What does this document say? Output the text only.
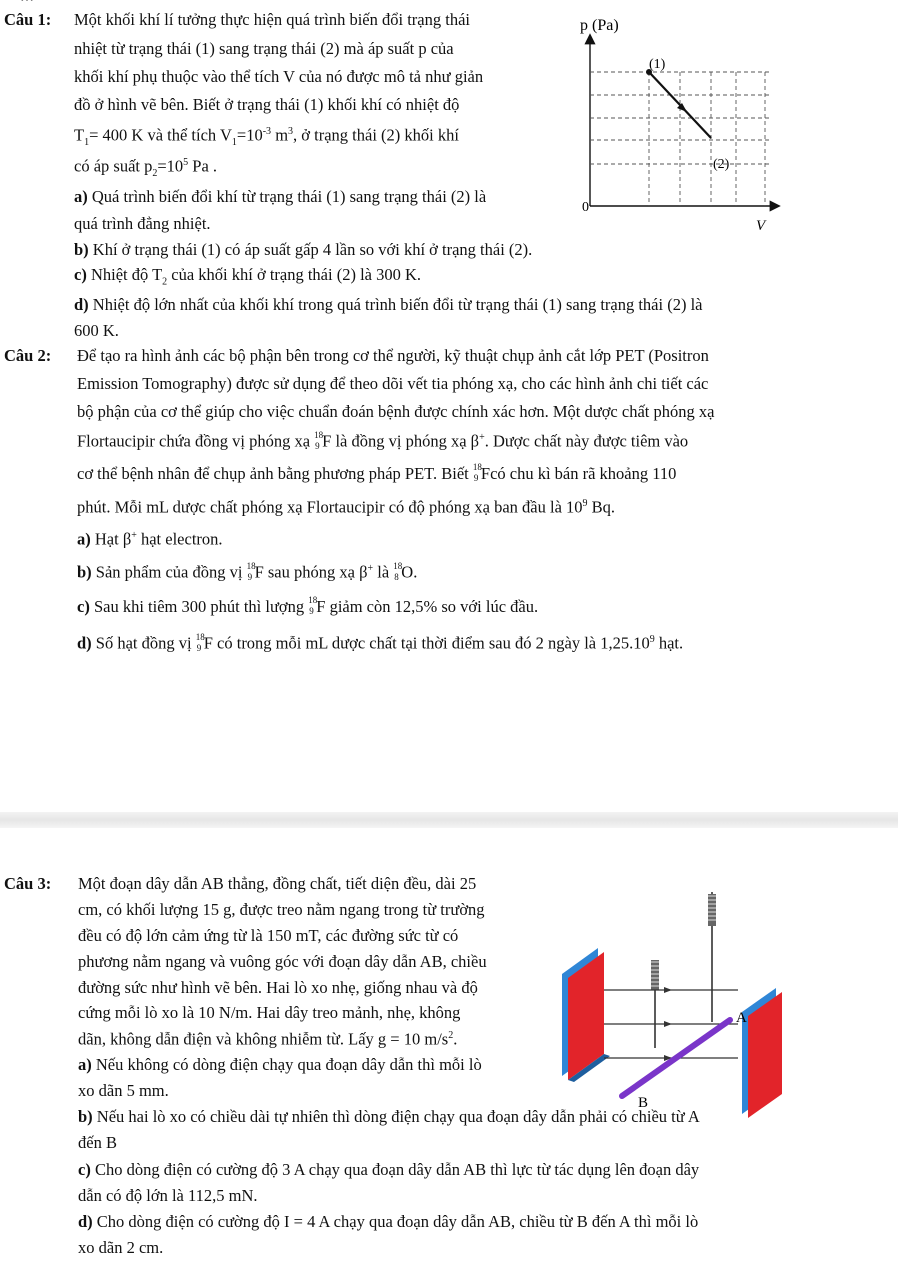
Câu 1: Một khối khí lí tưởng thực hiện quá trình biến đổi trạng thái
nhiệt từ trạng thái (1) sang trạng thái (2) mà áp suất p của
khối khí phụ thuộc vào thể tích V của nó được mô tả như giản
đồ ở hình vẽ bên. Biết ở trạng thái (1) khối khí có nhiệt độ
$T_1= 400$ K và thể tích $V_1=10^{-3}$ $m^3$, ở trạng thái (2) khối khí
có áp suất $p_2=10^5$ Pa .
a) Quá trình biến đổi khí từ trạng thái (1) sang trạng thái (2) là
quá trình đẳng nhiệt.
b) Khí ở trạng thái (1) có áp suất gấp 4 lần so với khí ở trạng thái (2).
c) Nhiệt độ $T_2$ của khối khí ở trạng thái (2) là 300 K.
d) Nhiệt độ lớn nhất của khối khí trong quá trình biến đổi từ trạng thái (1) sang trạng thái (2) là
600 K.
p (Pa)
V
0
(1)
(2)
Câu 2: Để tạo ra hình ảnh các bộ phận bên trong cơ thể người, kỹ thuật chụp ảnh cắt lớp PET (Positron
Emission Tomography) được sử dụng để theo dõi vết tia phóng xạ, cho các hình ảnh chi tiết các
bộ phận của cơ thể giúp cho việc chuẩn đoán bệnh được chính xác hơn. Một dược chất phóng xạ
Flortaucipir chứa đồng vị phóng xạ 18
9 F là đồng vị phóng xạ β+. Dược chất này được tiêm vào
cơ thể bệnh nhân để chụp ảnh bằng phương pháp PET. Biết 18
9 Fcó chu kì bán rã khoảng 110
phút. Mỗi mL dược chất phóng xạ Flortaucipir có độ phóng xạ ban đầu là $10^9$ Bq.
a) Hạt β+ hạt electron.
b) Sản phẩm của đồng vị 18
9 F sau phóng xạ β+ là 18
8 O.
c) Sau khi tiêm 300 phút thì lượng 18
9 F giảm còn 12,5% so với lúc đầu.
d) Số hạt đồng vị 18
9 F có trong mỗi mL dược chất tại thời điểm sau đó 2 ngày là 1,25.10$^9$ hạt.
Câu 3: Một đoạn dây dẫn AB thẳng, đồng chất, tiết diện đều, dài 25
cm, có khối lượng 15 g, được treo nằm ngang trong từ trường
đều có độ lớn cảm ứng từ là 150 mT, các đường sức từ có
phương nằm ngang và vuông góc với đoạn dây dẫn AB, chiều
đường sức như hình vẽ bên. Hai lò xo nhẹ, giống nhau và độ
cứng mỗi lò xo là 10 N/m. Hai dây treo mảnh, nhẹ, không
dãn, không dẫn điện và không nhiễm từ. Lấy g = 10 $m/s^2$.
a) Nếu không có dòng điện chạy qua đoạn dây dẫn thì mỗi lò
xo dãn 5 mm.
b) Nếu hai lò xo có chiều dài tự nhiên thì dòng điện chạy qua đoạn dây dẫn phải có chiều từ A
đến B
c) Cho dòng điện có cường độ 3 A chạy qua đoạn dây dẫn AB thì lực từ tác dụng lên đoạn dây
dẫn có độ lớn là 112,5 mN.
d) Cho dòng điện có cường độ I = 4 A chạy qua đoạn dây dẫn AB, chiều từ B đến A thì mỗi lò
xo dãn 2 cm.
A
B
